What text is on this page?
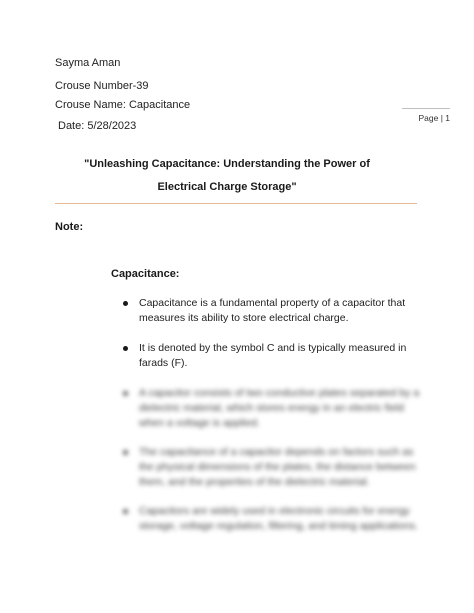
Sayma Aman
Crouse Number-39
Crouse Name: Capacitance
Date: 5/28/2023
Page | 1
"Unleashing Capacitance: Understanding the Power of
Electrical Charge Storage"
Note:
Capacitance:
Capacitance is a fundamental property of a capacitor that measures its ability to store electrical charge.
It is denoted by the symbol C and is typically measured in farads (F).
A capacitor consists of two conductive plates separated by a dielectric material, which stores energy in an electric field when a voltage is applied.
The capacitance of a capacitor depends on factors such as the physical dimensions of the plates, the distance between them, and the properties of the dielectric material.
Capacitors are widely used in electronic circuits for energy storage, voltage regulation, filtering, and timing applications.
